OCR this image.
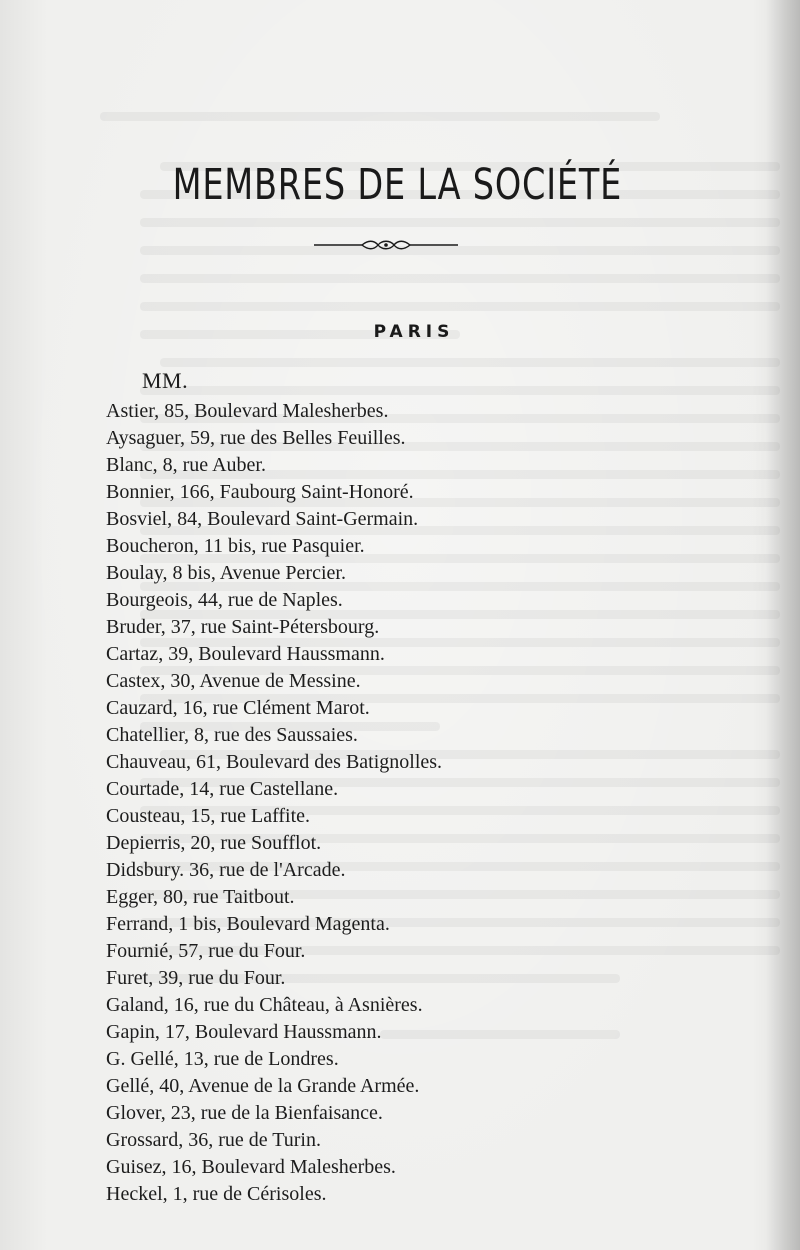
MEMBRES DE LA SOCIÉTÉ
PARIS
MM.
Astier, 85, Boulevard Malesherbes.
Aysaguer, 59, rue des Belles Feuilles.
Blanc, 8, rue Auber.
Bonnier, 166, Faubourg Saint-Honoré.
Bosviel, 84, Boulevard Saint-Germain.
Boucheron, 11 bis, rue Pasquier.
Boulay, 8 bis, Avenue Percier.
Bourgeois, 44, rue de Naples.
Bruder, 37, rue Saint-Pétersbourg.
Cartaz, 39, Boulevard Haussmann.
Castex, 30, Avenue de Messine.
Cauzard, 16, rue Clément Marot.
Chatellier, 8, rue des Saussaies.
Chauveau, 61, Boulevard des Batignolles.
Courtade, 14, rue Castellane.
Cousteau, 15, rue Laffite.
Depierris, 20, rue Soufflot.
Didsbury. 36, rue de l'Arcade.
Egger, 80, rue Taitbout.
Ferrand, 1 bis, Boulevard Magenta.
Fournié, 57, rue du Four.
Furet, 39, rue du Four.
Galand, 16, rue du Château, à Asnières.
Gapin, 17, Boulevard Haussmann.
G. Gellé, 13, rue de Londres.
Gellé, 40, Avenue de la Grande Armée.
Glover, 23, rue de la Bienfaisance.
Grossard, 36, rue de Turin.
Guisez, 16, Boulevard Malesherbes.
Heckel, 1, rue de Cérisoles.
